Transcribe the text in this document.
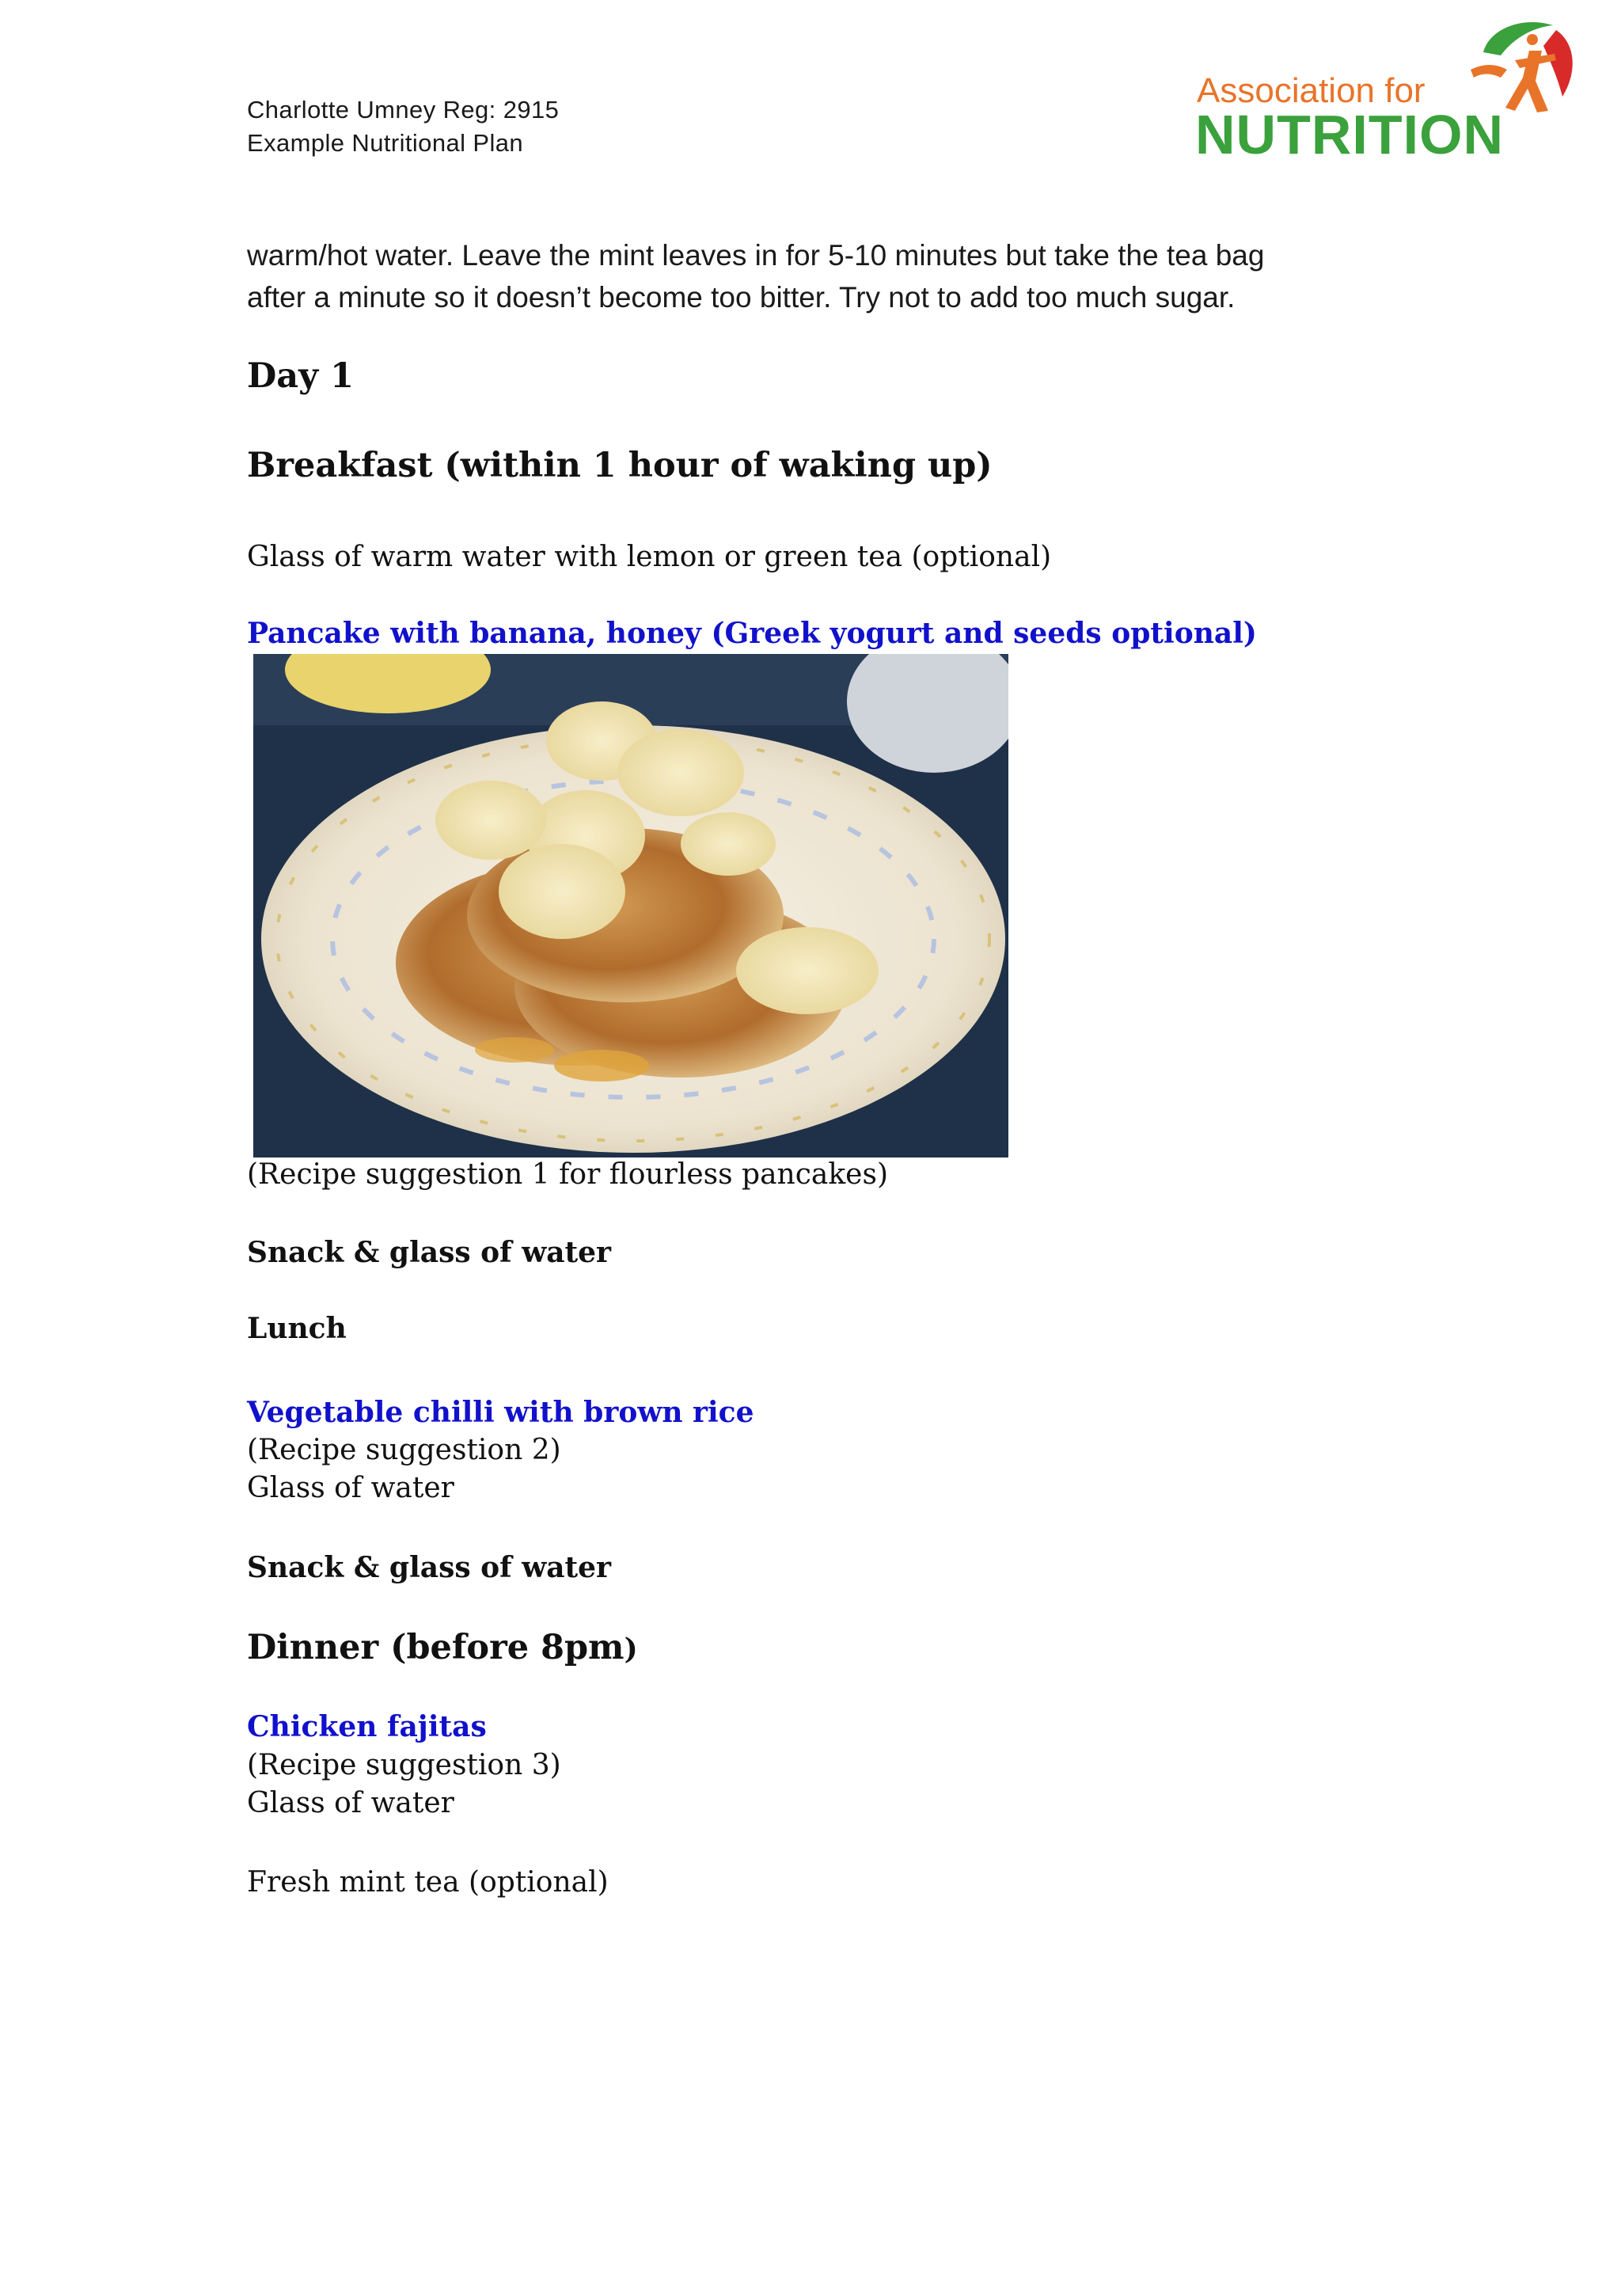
Charlotte Umney Reg: 2915
Example Nutritional Plan
Association for
NUTRITION

warm/hot water. Leave the mint leaves in for 5-10 minutes but take the tea bag

after a minute so it doesn’t become too bitter. Try not to add too much sugar.

Day 1
Breakfast (within 1 hour of waking up)

Glass of warm water with lemon or green tea (optional)

Pancake with banana, honey (Greek yogurt and seeds optional)

(Recipe suggestion 1 for flourless pancakes)

Snack & glass of water

Lunch

Vegetable chilli with brown rice

(Recipe suggestion 2)

Glass of water

Snack & glass of water

Dinner (before 8pm)

Chicken fajitas

(Recipe suggestion 3)

Glass of water

Fresh mint tea (optional)
